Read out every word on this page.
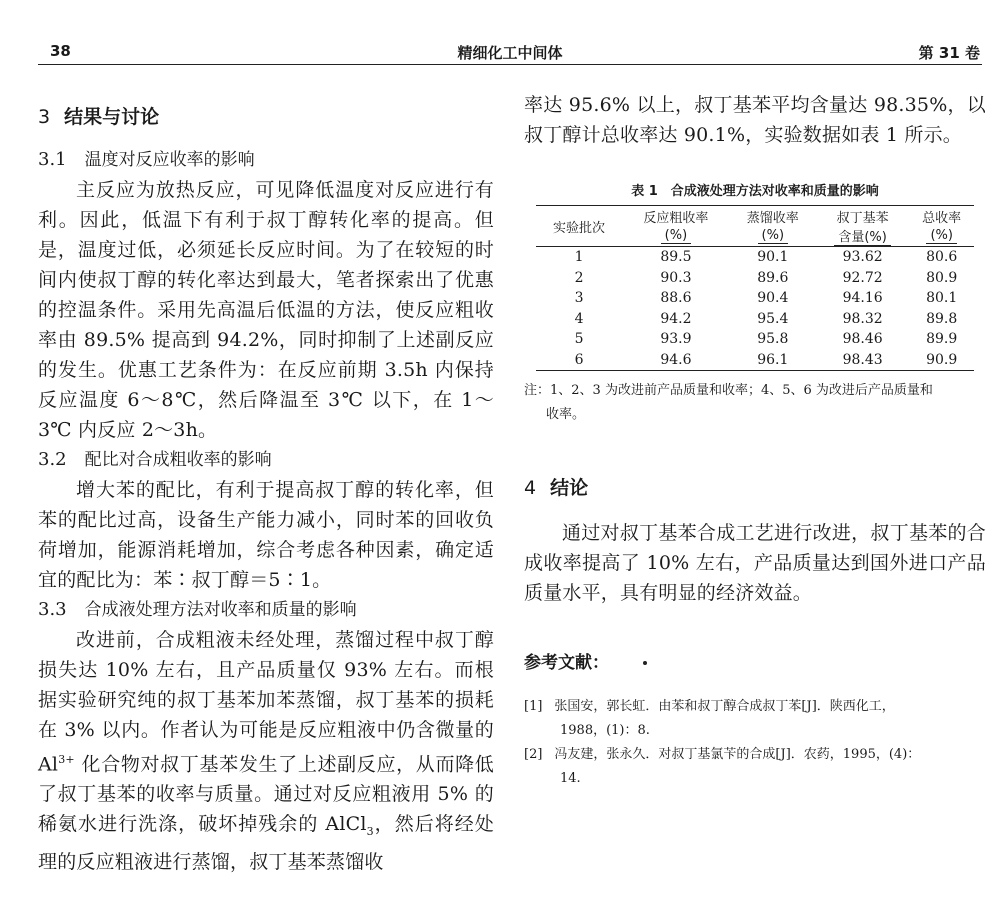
38	精细化工中间体	第 31 卷

3 结果与讨论

3.1 温度对反应收率的影响

主反应为放热反应，可见降低温度对反应进行有利。因此，低温下有利于叔丁醇转化率的提高。但是，温度过低，必须延长反应时间。为了在较短的时间内使叔丁醇的转化率达到最大，笔者探索出了优惠的控温条件。采用先高温后低温的方法，使反应粗收率由 89.5% 提高到 94.2%，同时抑制了上述副反应的发生。优惠工艺条件为：在反应前期 3.5h 内保持反应温度 6～8℃，然后降温至 3℃ 以下，在 1～3℃ 内反应 2～3h。

3.2 配比对合成粗收率的影响

增大苯的配比，有利于提高叔丁醇的转化率，但苯的配比过高，设备生产能力减小，同时苯的回收负荷增加，能源消耗增加，综合考虑各种因素，确定适宜的配比为：苯∶叔丁醇＝5∶1。

3.3 合成液处理方法对收率和质量的影响

改进前，合成粗液未经处理，蒸馏过程中叔丁醇损失达 10% 左右，且产品质量仅 93% 左右。而根据实验研究纯的叔丁基苯加苯蒸馏，叔丁基苯的损耗在 3% 以内。作者认为可能是反应粗液中仍含微量的 $Al^{3+}$ 化合物对叔丁基苯发生了上述副反应，从而降低了叔丁基苯的收率与质量。通过对反应粗液用 5% 的稀氨水进行洗涤，破坏掉残余的 AlCl$_3$，然后将经处理的反应粗液进行蒸馏，叔丁基苯蒸馏收

率达 95.6% 以上，叔丁基苯平均含量达 98.35%，以叔丁醇计总收率达 90.1%，实验数据如表 1 所示。

表 1　合成液处理方法对收率和质量的影响

实验批次	反应粗收率	蒸馏收率	叔丁基苯	总收率
	(%)	(%)	含量(%)	(%)
1	89.5	90.1	93.62	80.6
2	90.3	89.6	92.72	80.9
3	88.6	90.4	94.16	80.1
4	94.2	95.4	98.32	89.8
5	93.9	95.8	98.46	89.9
6	94.6	96.1	98.43	90.9

注：1、2、3 为改进前产品质量和收率；4、5、6 为改进后产品质量和

收率。

4 结论

通过对叔丁基苯合成工艺进行改进，叔丁基苯的合成收率提高了 10% 左右，产品质量达到国外进口产品质量水平，具有明显的经济效益。

参考文献：

[1] 张国安，郭长虹．由苯和叔丁醇合成叔丁苯[J]．陕西化工，

1988，(1)：8.

[2] 冯友建，张永久．对叔丁基氯苄的合成[J]．农药，1995，(4)：

14.
